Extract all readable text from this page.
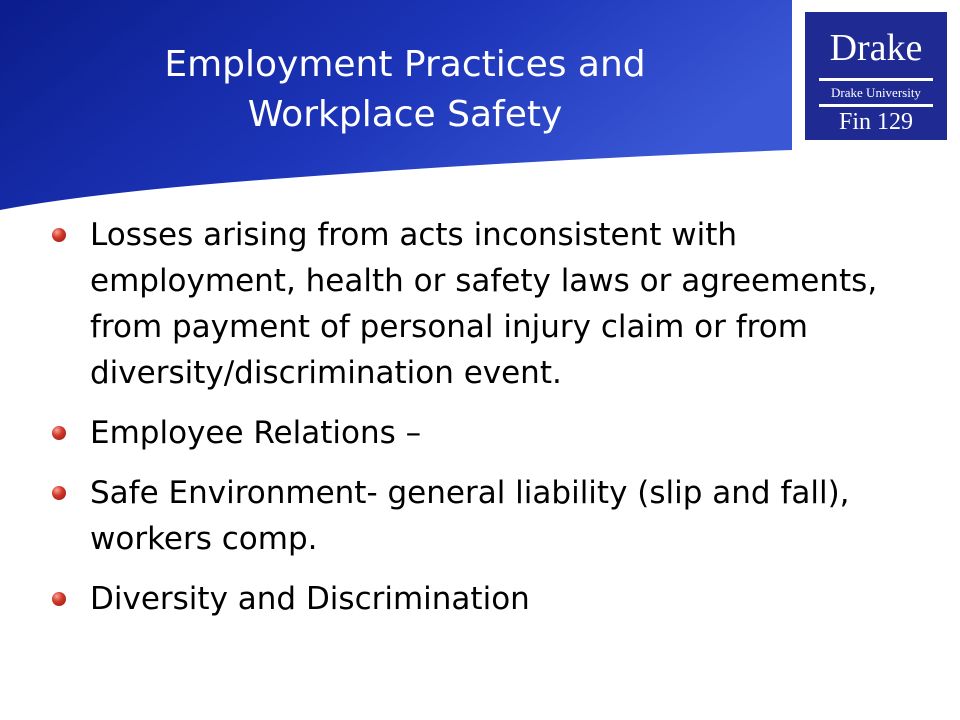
Employment Practices and
Workplace Safety
Drake
Drake University
Fin 129
Losses arising from acts inconsistent with employment, health or safety laws or agreements, from payment of personal injury claim or from diversity/discrimination event.
Employee Relations –
Safe Environment- general liability (slip and fall), workers comp.
Diversity and Discrimination
